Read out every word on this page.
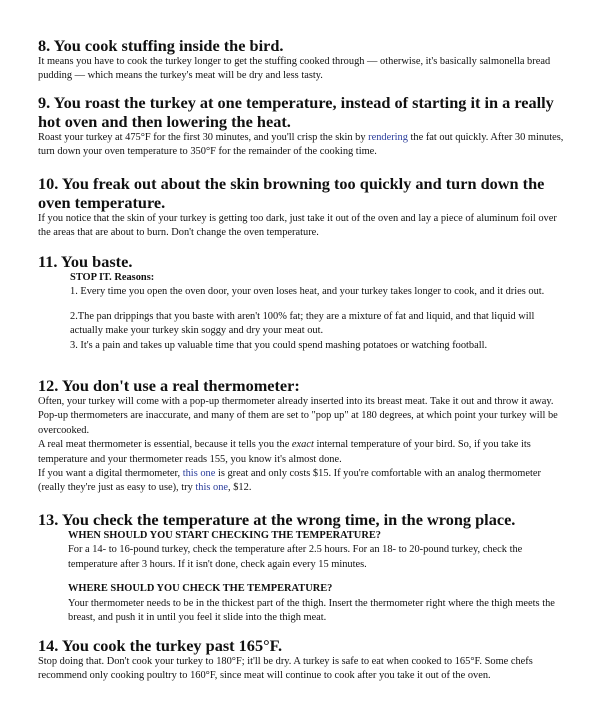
8. You cook stuffing inside the bird.

It means you have to cook the turkey longer to get the stuffing cooked through — otherwise, it's basically salmonella bread pudding — which means the turkey's meat will be dry and less tasty.

9. You roast the turkey at one temperature, instead of starting it in a really hot oven and then lowering the heat.

Roast your turkey at 475°F for the first 30 minutes, and you'll crisp the skin by rendering the fat out quickly. After 30 minutes, turn down your oven temperature to 350°F for the remainder of the cooking time.

10. You freak out about the skin browning too quickly and turn down the oven temperature.

If you notice that the skin of your turkey is getting too dark, just take it out of the oven and lay a piece of aluminum foil over the areas that are about to burn. Don't change the oven temperature.

11. You baste.

STOP IT. Reasons:

1. Every time you open the oven door, your oven loses heat, and your turkey takes longer to cook, and it dries out.

2.The pan drippings that you baste with aren't 100% fat; they are a mixture of fat and liquid, and that liquid will actually make your turkey skin soggy and dry your meat out.

3. It's a pain and takes up valuable time that you could spend mashing potatoes or watching football.

12. You don't use a real thermometer:

Often, your turkey will come with a pop-up thermometer already inserted into its breast meat. Take it out and throw it away. Pop-up thermometers are inaccurate, and many of them are set to "pop up" at 180 degrees, at which point your turkey will be overcooked.

A real meat thermometer is essential, because it tells you the exact internal temperature of your bird. So, if you take its temperature and your thermometer reads 155, you know it's almost done.

If you want a digital thermometer, this one is great and only costs $15. If you're comfortable with an analog thermometer (really they're just as easy to use), try this one, $12.

13. You check the temperature at the wrong time, in the wrong place.

WHEN SHOULD YOU START CHECKING THE TEMPERATURE?

For a 14- to 16-pound turkey, check the temperature after 2.5 hours. For an 18- to 20-pound turkey, check the temperature after 3 hours. If it isn't done, check again every 15 minutes.

WHERE SHOULD YOU CHECK THE TEMPERATURE?

Your thermometer needs to be in the thickest part of the thigh. Insert the thermometer right where the thigh meets the breast, and push it in until you feel it slide into the thigh meat.

14. You cook the turkey past 165°F.

Stop doing that. Don't cook your turkey to 180°F; it'll be dry. A turkey is safe to eat when cooked to 165°F. Some chefs recommend only cooking poultry to 160°F, since meat will continue to cook after you take it out of the oven.
